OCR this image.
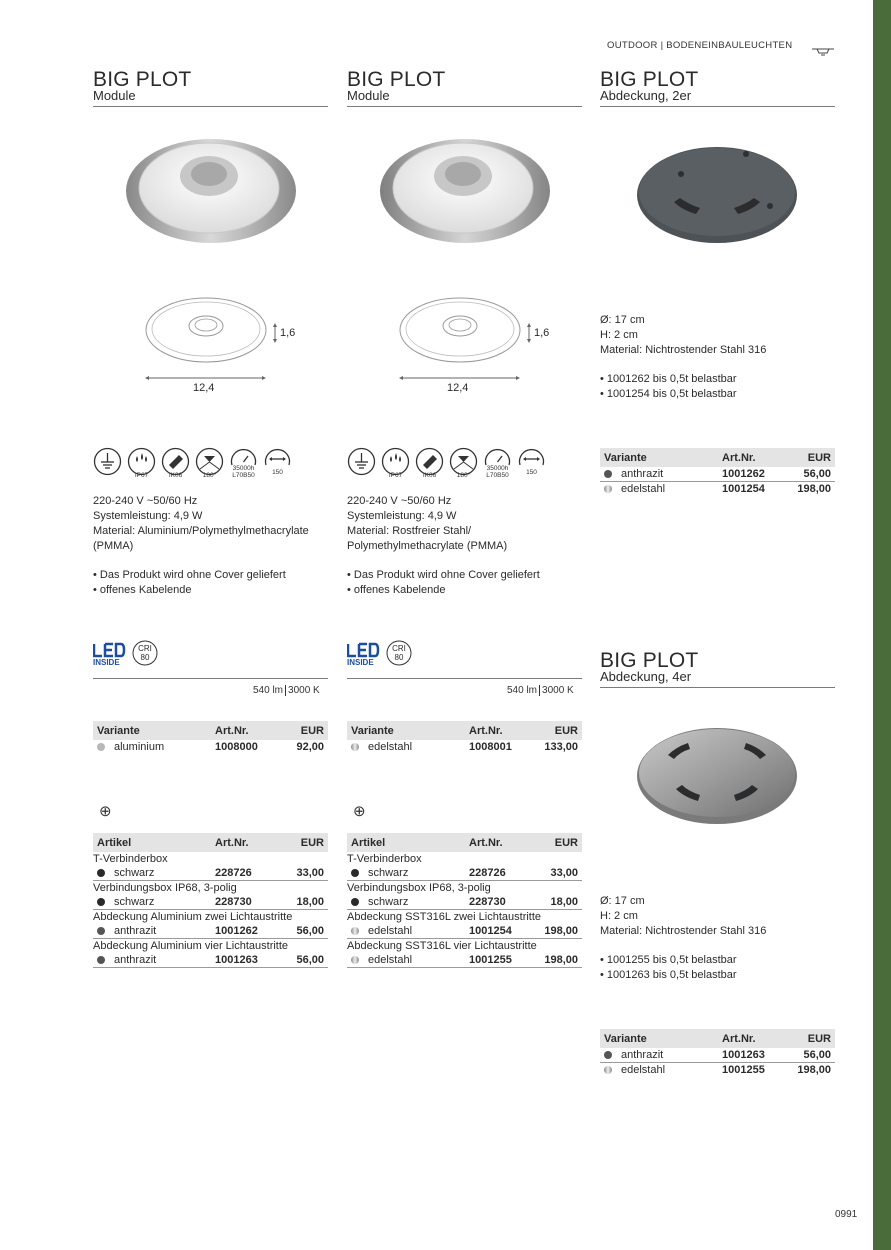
OUTDOOR | BODENEINBAULEUCHTEN
BIG PLOT
Module
1,6
12,4
IP67	IK06	180°
35000h L70B50	150
220-240 V ~50/60 Hz
Systemleistung: 4,9 W
Material: Aluminium/Polymethylmethacrylate
(PMMA)
• Das Produkt wird ohne Cover geliefert
• offenes Kabelende
INSIDE
CRI
80
540 lm 3000 K
Variante	Art.Nr.	EUR
aluminium	1008000	92,00
⊕
Artikel	Art.Nr.	EUR
T-Verbinderbox
schwarz	228726	33,00
Verbindungsbox IP68, 3-polig
schwarz	228730	18,00
Abdeckung Aluminium zwei Lichtaustritte
anthrazit	1001262	56,00
Abdeckung Aluminium vier Lichtaustritte
anthrazit	1001263	56,00
BIG PLOT
Module
1,6
12,4
IP67	IK06	180°
35000h L70B50	150
220-240 V ~50/60 Hz
Systemleistung: 4,9 W
Material: Rostfreier Stahl/
Polymethylmethacrylate (PMMA)
• Das Produkt wird ohne Cover geliefert
• offenes Kabelende
INSIDE
CRI
80
540 lm 3000 K
Variante	Art.Nr.	EUR
edelstahl	1008001	133,00
⊕
Artikel	Art.Nr.	EUR
T-Verbinderbox
schwarz	228726	33,00
Verbindungsbox IP68, 3-polig
schwarz	228730	18,00
Abdeckung SST316L zwei Lichtaustritte
edelstahl	1001254	198,00
Abdeckung SST316L vier Lichtaustritte
edelstahl	1001255	198,00
BIG PLOT
Abdeckung, 2er
Ø: 17 cm
H: 2 cm
Material: Nichtrostender Stahl 316
• 1001262 bis 0,5t belastbar
• 1001254 bis 0,5t belastbar
Variante	Art.Nr.	EUR
anthrazit	1001262	56,00
edelstahl	1001254	198,00
BIG PLOT
Abdeckung, 4er
Ø: 17 cm
H: 2 cm
Material: Nichtrostender Stahl 316
• 1001255 bis 0,5t belastbar
• 1001263 bis 0,5t belastbar
Variante	Art.Nr.	EUR
anthrazit	1001263	56,00
edelstahl	1001255	198,00
0991
